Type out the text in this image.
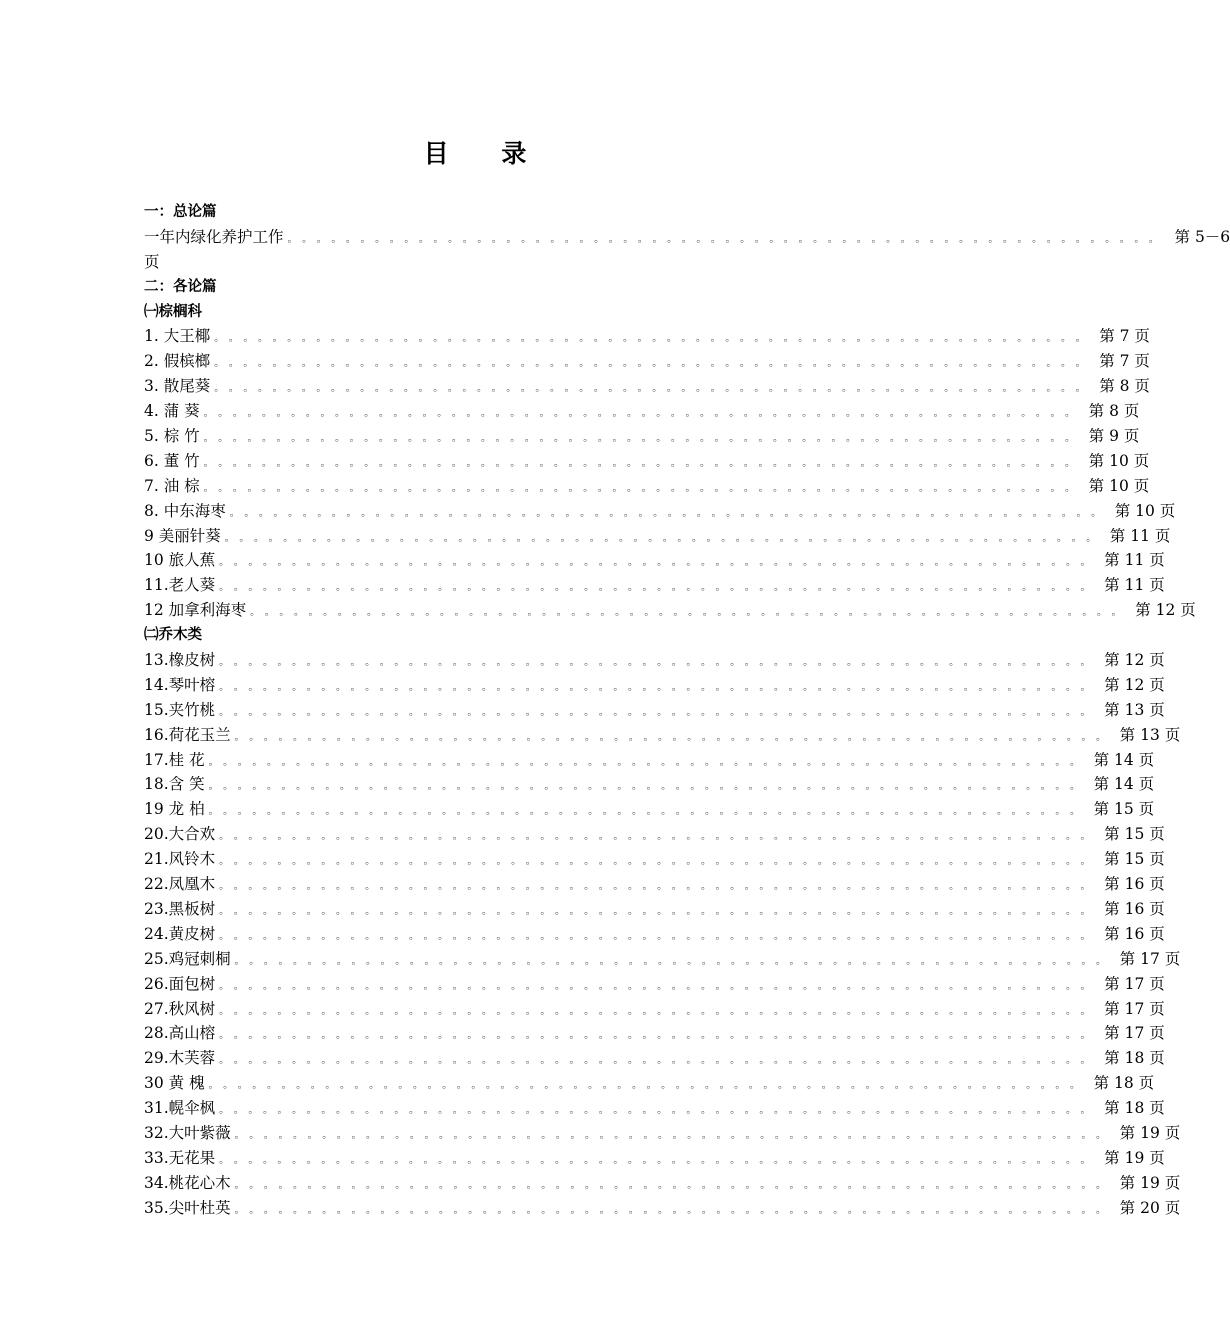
目 录
一：总论篇
一年内绿化养护工作 。。。。。。。。。。。。。。。。。。。。。。。。。。。。。。。。。。。。。。。。。。。。。。。。。。。。。。。。。。。。 第 5－6
页
二：各论篇
㈠棕榈科
1. 大王椰 。。。。。。。。。。。。。。。。。。。。。。。。。。。。。。。。。。。。。。。。。。。。。。。。。。。。。。。。。。。。 第 7 页
2. 假槟榔 。。。。。。。。。。。。。。。。。。。。。。。。。。。。。。。。。。。。。。。。。。。。。。。。。。。。。。。。。。。。 第 7 页
3. 散尾葵 。。。。。。。。。。。。。。。。。。。。。。。。。。。。。。。。。。。。。。。。。。。。。。。。。。。。。。。。。。。。 第 8 页
4. 蒲 葵 。。。。。。。。。。。。。。。。。。。。。。。。。。。。。。。。。。。。。。。。。。。。。。。。。。。。。。。。。。。。 第 8 页
5. 棕 竹 。。。。。。。。。。。。。。。。。。。。。。。。。。。。。。。。。。。。。。。。。。。。。。。。。。。。。。。。。。。。 第 9 页
6. 董 竹 。。。。。。。。。。。。。。。。。。。。。。。。。。。。。。。。。。。。。。。。。。。。。。。。。。。。。。。。。。。。 第 10 页
7. 油 棕 。。。。。。。。。。。。。。。。。。。。。。。。。。。。。。。。。。。。。。。。。。。。。。。。。。。。。。。。。。。。 第 10 页
8. 中东海枣 。。。。。。。。。。。。。。。。。。。。。。。。。。。。。。。。。。。。。。。。。。。。。。。。。。。。。。。。。。。。 第 10 页
9 美丽针葵 。。。。。。。。。。。。。。。。。。。。。。。。。。。。。。。。。。。。。。。。。。。。。。。。。。。。。。。。。。。。 第 11 页
10 旅人蕉 。。。。。。。。。。。。。。。。。。。。。。。。。。。。。。。。。。。。。。。。。。。。。。。。。。。。。。。。。。。。 第 11 页
11.老人葵 。。。。。。。。。。。。。。。。。。。。。。。。。。。。。。。。。。。。。。。。。。。。。。。。。。。。。。。。。。。。 第 11 页
12 加拿利海枣 。。。。。。。。。。。。。。。。。。。。。。。。。。。。。。。。。。。。。。。。。。。。。。。。。。。。。。。。。。。。 第 12 页
㈡乔木类
13.橡皮树 。。。。。。。。。。。。。。。。。。。。。。。。。。。。。。。。。。。。。。。。。。。。。。。。。。。。。。。。。。。。 第 12 页
14.琴叶榕 。。。。。。。。。。。。。。。。。。。。。。。。。。。。。。。。。。。。。。。。。。。。。。。。。。。。。。。。。。。。 第 12 页
15.夹竹桃 。。。。。。。。。。。。。。。。。。。。。。。。。。。。。。。。。。。。。。。。。。。。。。。。。。。。。。。。。。。。 第 13 页
16.荷花玉兰 。。。。。。。。。。。。。。。。。。。。。。。。。。。。。。。。。。。。。。。。。。。。。。。。。。。。。。。。。。。。 第 13 页
17.桂 花 。。。。。。。。。。。。。。。。。。。。。。。。。。。。。。。。。。。。。。。。。。。。。。。。。。。。。。。。。。。。 第 14 页
18.含 笑 。。。。。。。。。。。。。。。。。。。。。。。。。。。。。。。。。。。。。。。。。。。。。。。。。。。。。。。。。。。。 第 14 页
19 龙 柏 。。。。。。。。。。。。。。。。。。。。。。。。。。。。。。。。。。。。。。。。。。。。。。。。。。。。。。。。。。。。 第 15 页
20.大合欢 。。。。。。。。。。。。。。。。。。。。。。。。。。。。。。。。。。。。。。。。。。。。。。。。。。。。。。。。。。。。 第 15 页
21.风铃木 。。。。。。。。。。。。。。。。。。。。。。。。。。。。。。。。。。。。。。。。。。。。。。。。。。。。。。。。。。。。 第 15 页
22.凤凰木 。。。。。。。。。。。。。。。。。。。。。。。。。。。。。。。。。。。。。。。。。。。。。。。。。。。。。。。。。。。。 第 16 页
23.黑板树 。。。。。。。。。。。。。。。。。。。。。。。。。。。。。。。。。。。。。。。。。。。。。。。。。。。。。。。。。。。。 第 16 页
24.黄皮树 。。。。。。。。。。。。。。。。。。。。。。。。。。。。。。。。。。。。。。。。。。。。。。。。。。。。。。。。。。。。 第 16 页
25.鸡冠刺桐 。。。。。。。。。。。。。。。。。。。。。。。。。。。。。。。。。。。。。。。。。。。。。。。。。。。。。。。。。。。。 第 17 页
26.面包树 。。。。。。。。。。。。。。。。。。。。。。。。。。。。。。。。。。。。。。。。。。。。。。。。。。。。。。。。。。。。 第 17 页
27.秋风树 。。。。。。。。。。。。。。。。。。。。。。。。。。。。。。。。。。。。。。。。。。。。。。。。。。。。。。。。。。。。 第 17 页
28.高山榕 。。。。。。。。。。。。。。。。。。。。。。。。。。。。。。。。。。。。。。。。。。。。。。。。。。。。。。。。。。。。 第 17 页
29.木芙蓉 。。。。。。。。。。。。。。。。。。。。。。。。。。。。。。。。。。。。。。。。。。。。。。。。。。。。。。。。。。。。 第 18 页
30 黄 槐 。。。。。。。。。。。。。。。。。。。。。。。。。。。。。。。。。。。。。。。。。。。。。。。。。。。。。。。。。。。。 第 18 页
31.幌伞枫 。。。。。。。。。。。。。。。。。。。。。。。。。。。。。。。。。。。。。。。。。。。。。。。。。。。。。。。。。。。。 第 18 页
32.大叶紫薇 。。。。。。。。。。。。。。。。。。。。。。。。。。。。。。。。。。。。。。。。。。。。。。。。。。。。。。。。。。。。 第 19 页
33.无花果 。。。。。。。。。。。。。。。。。。。。。。。。。。。。。。。。。。。。。。。。。。。。。。。。。。。。。。。。。。。。 第 19 页
34.桃花心木 。。。。。。。。。。。。。。。。。。。。。。。。。。。。。。。。。。。。。。。。。。。。。。。。。。。。。。。。。。。。 第 19 页
35.尖叶杜英 。。。。。。。。。。。。。。。。。。。。。。。。。。。。。。。。。。。。。。。。。。。。。。。。。。。。。。。。。。。。 第 20 页
